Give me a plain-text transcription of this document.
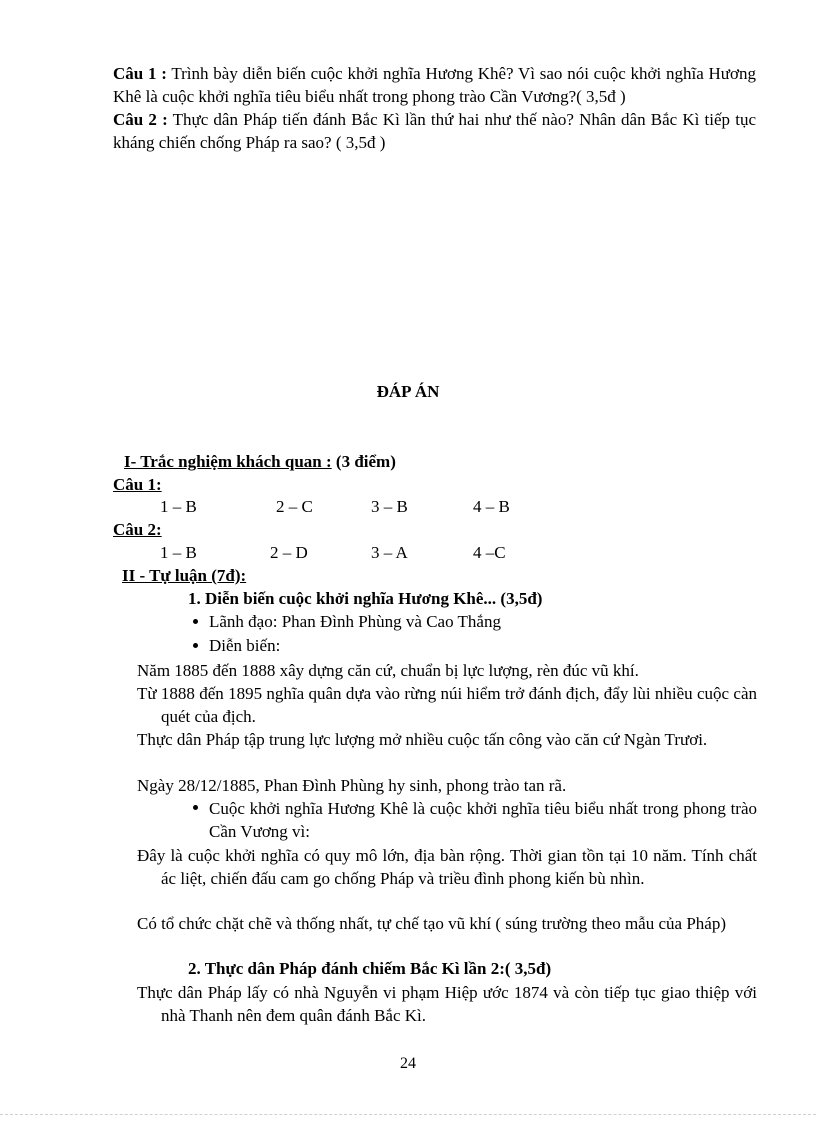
Câu 1 : Trình bày diễn biến cuộc khởi nghĩa Hương Khê? Vì sao nói cuộc khởi nghĩa Hương Khê là cuộc khởi nghĩa tiêu biểu nhất trong phong trào Cần Vương?( 3,5đ )
Câu 2 : Thực dân Pháp tiến đánh Bắc Kì lần thứ hai như thế nào? Nhân dân Bắc Kì tiếp tục kháng chiến chống Pháp ra sao? ( 3,5đ )
ĐÁP ÁN
I- Trắc nghiệm khách quan : (3 điểm)
Câu 1:
1 – B	2 – C	3 – B	4 – B
Câu 2:
1 – B	2 – D	3 – A	4 –C
II - Tự luận (7đ):
1. Diễn biến cuộc khởi nghĩa Hương Khê... (3,5đ)
Lãnh đạo: Phan Đình Phùng và Cao Thắng
Diễn biến:
Năm 1885 đến 1888 xây dựng căn cứ, chuẩn bị lực lượng, rèn đúc vũ khí.
Từ 1888 đến 1895 nghĩa quân dựa vào rừng núi hiểm trở đánh địch, đẩy lùi nhiều cuộc càn quét của địch.
Thực dân Pháp tập trung lực lượng mở nhiều cuộc tấn công vào căn cứ Ngàn Trươi.
Ngày 28/12/1885, Phan Đình Phùng hy sinh, phong trào tan rã.
Cuộc khởi nghĩa Hương Khê là cuộc khởi nghĩa tiêu biểu nhất trong phong trào Cần Vương vì:
Đây là cuộc khởi nghĩa có quy mô lớn, địa bàn rộng. Thời gian tồn tại 10 năm. Tính chất ác liệt, chiến đấu cam go chống Pháp và triều đình phong kiến bù nhìn.
Có tổ chức chặt chẽ và thống nhất, tự chế tạo vũ khí ( súng trường theo mẫu của Pháp)
2. Thực dân Pháp đánh chiếm Bắc Kì lần 2:( 3,5đ)
Thực dân Pháp lấy có nhà Nguyễn vi phạm Hiệp ước 1874 và còn tiếp tục giao thiệp với nhà Thanh nên đem quân đánh Bắc Kì.
24
